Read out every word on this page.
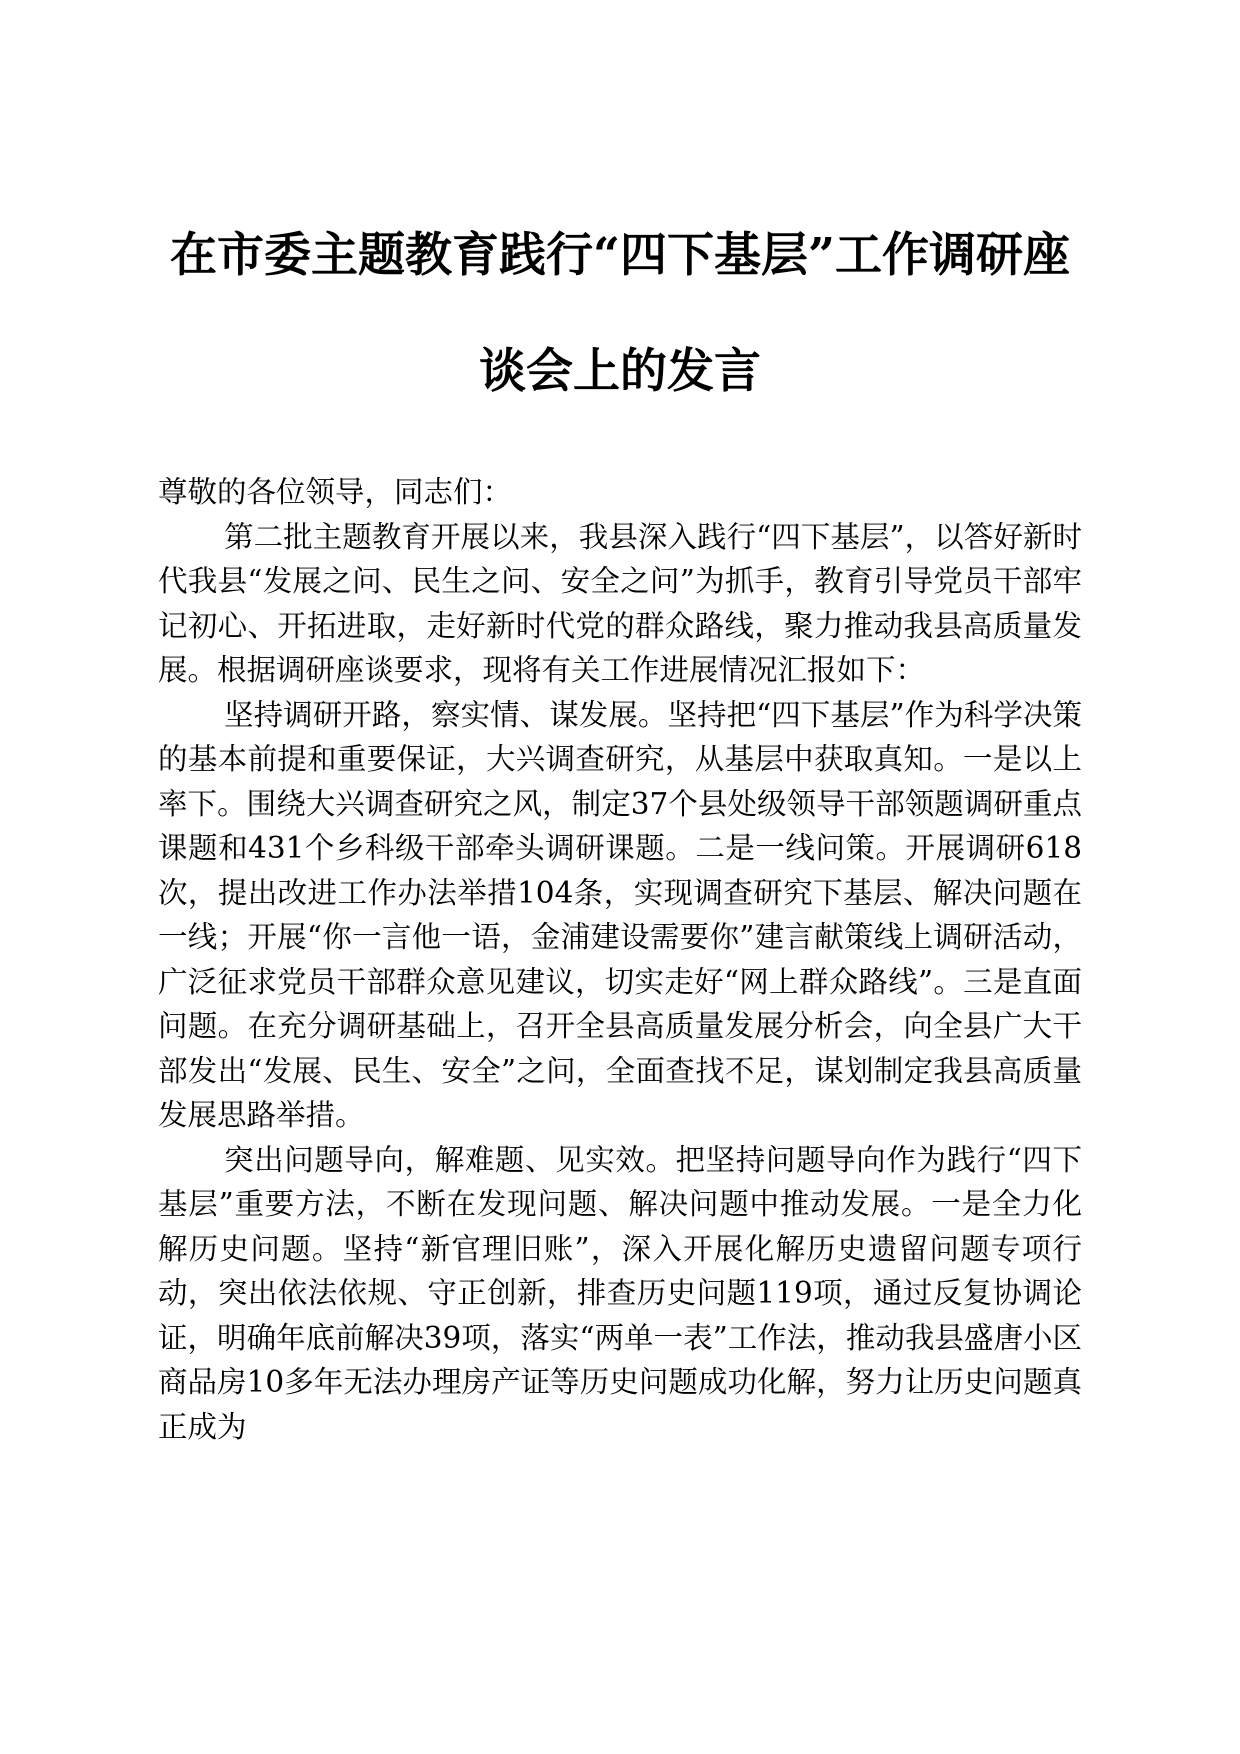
在市委主题教育践行“四下基层”工作调研座
谈会上的发言

尊敬的各位领导，同志们：

第二批主题教育开展以来，我县深入践行“四下基层”，以答好新时代我县“发展之问、民生之问、安全之问”为抓手，教育引导党员干部牢记初心、开拓进取，走好新时代党的群众路线，聚力推动我县高质量发展。根据调研座谈要求，现将有关工作进展情况汇报如下：

坚持调研开路，察实情、谋发展。坚持把“四下基层”作为科学决策的基本前提和重要保证，大兴调查研究，从基层中获取真知。一是以上率下。围绕大兴调查研究之风，制定37个县处级领导干部领题调研重点课题和431个乡科级干部牵头调研课题。二是一线问策。开展调研618次，提出改进工作办法举措104条，实现调查研究下基层、解决问题在一线；开展“你一言他一语，金浦建设需要你”建言献策线上调研活动，广泛征求党员干部群众意见建议，切实走好“网上群众路线”。三是直面问题。在充分调研基础上，召开全县高质量发展分析会，向全县广大干部发出“发展、民生、安全”之问，全面查找不足，谋划制定我县高质量发展思路举措。

突出问题导向，解难题、见实效。把坚持问题导向作为践行“四下基层”重要方法，不断在发现问题、解决问题中推动发展。一是全力化解历史问题。坚持“新官理旧账”，深入开展化解历史遗留问题专项行动，突出依法依规、守正创新，排查历史问题119项，通过反复协调论证，明确年底前解决39项，落实“两单一表”工作法，推动我县盛唐小区商品房10多年无法办理房产证等历史问题成功化解，努力让历史问题真正成为
